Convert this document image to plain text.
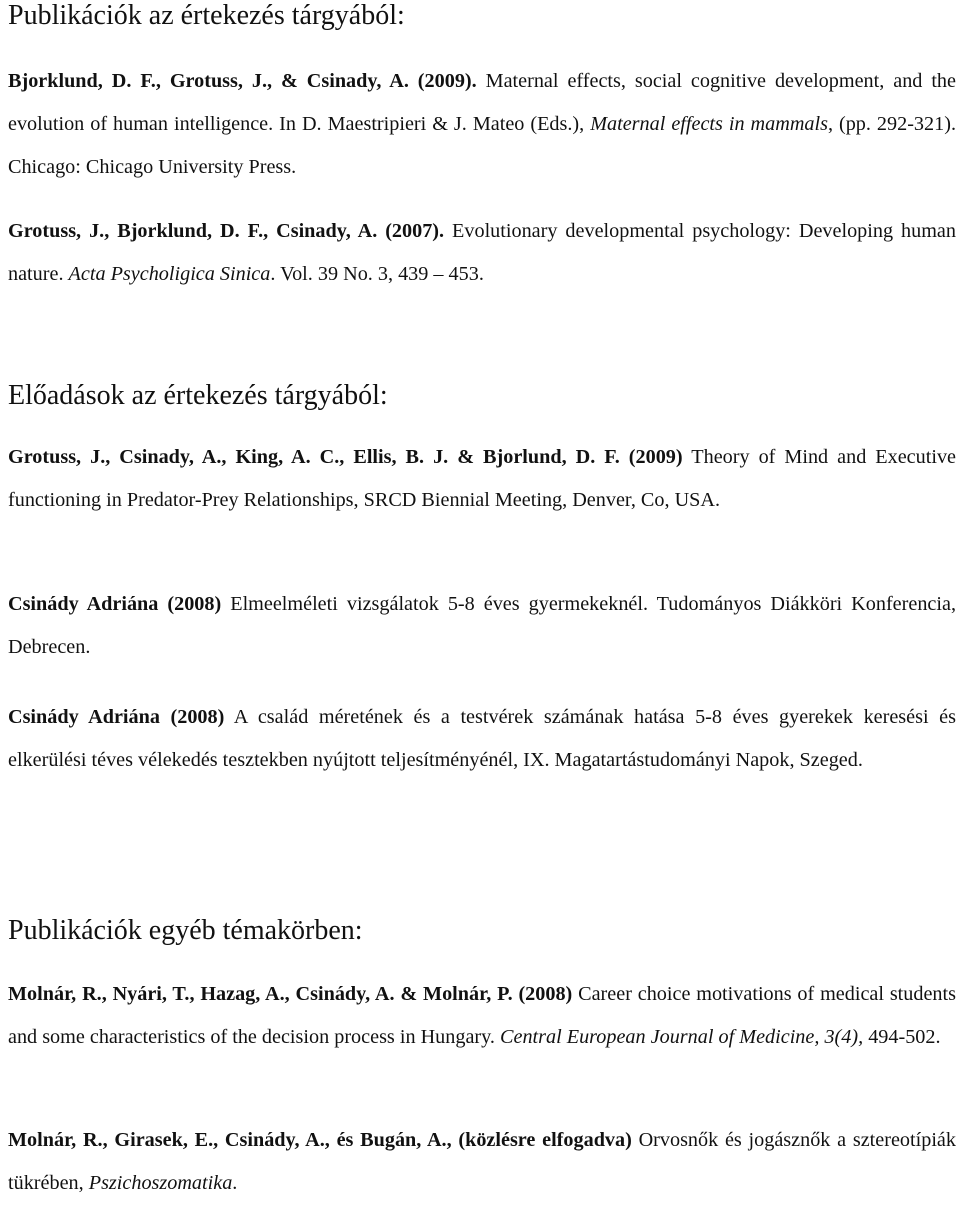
Publikációk az értekezés tárgyából:

Bjorklund, D. F., Grotuss, J., & Csinady, A. (2009). Maternal effects, social cognitive development, and the evolution of human intelligence. In D. Maestripieri & J. Mateo (Eds.), Maternal effects in mammals, (pp. 292-321). Chicago: Chicago University Press.

Grotuss, J., Bjorklund, D. F., Csinady, A. (2007). Evolutionary developmental psychology: Developing human nature. Acta Psycholigica Sinica. Vol. 39 No. 3, 439 – 453.

Előadások az értekezés tárgyából:

Grotuss, J., Csinady, A., King, A. C., Ellis, B. J. & Bjorlund, D. F. (2009) Theory of Mind and Executive functioning in Predator-Prey Relationships, SRCD Biennial Meeting, Denver, Co, USA.

Csinády Adriána (2008) Elmeelméleti vizsgálatok 5-8 éves gyermekeknél. Tudományos Diákköri Konferencia, Debrecen.

Csinády Adriána (2008) A család méretének és a testvérek számának hatása 5-8 éves gyerekek keresési és elkerülési téves vélekedés tesztekben nyújtott teljesítményénél, IX. Magatartástudományi Napok, Szeged.

Publikációk egyéb témakörben:

Molnár, R., Nyári, T., Hazag, A., Csinády, A. & Molnár, P. (2008) Career choice motivations of medical students and some characteristics of the decision process in Hungary. Central European Journal of Medicine, 3(4), 494-502.

Molnár, R., Girasek, E., Csinády, A., és Bugán, A., (közlésre elfogadva) Orvosnők és jogásznők a sztereotípiák tükrében, Pszichoszomatika.
